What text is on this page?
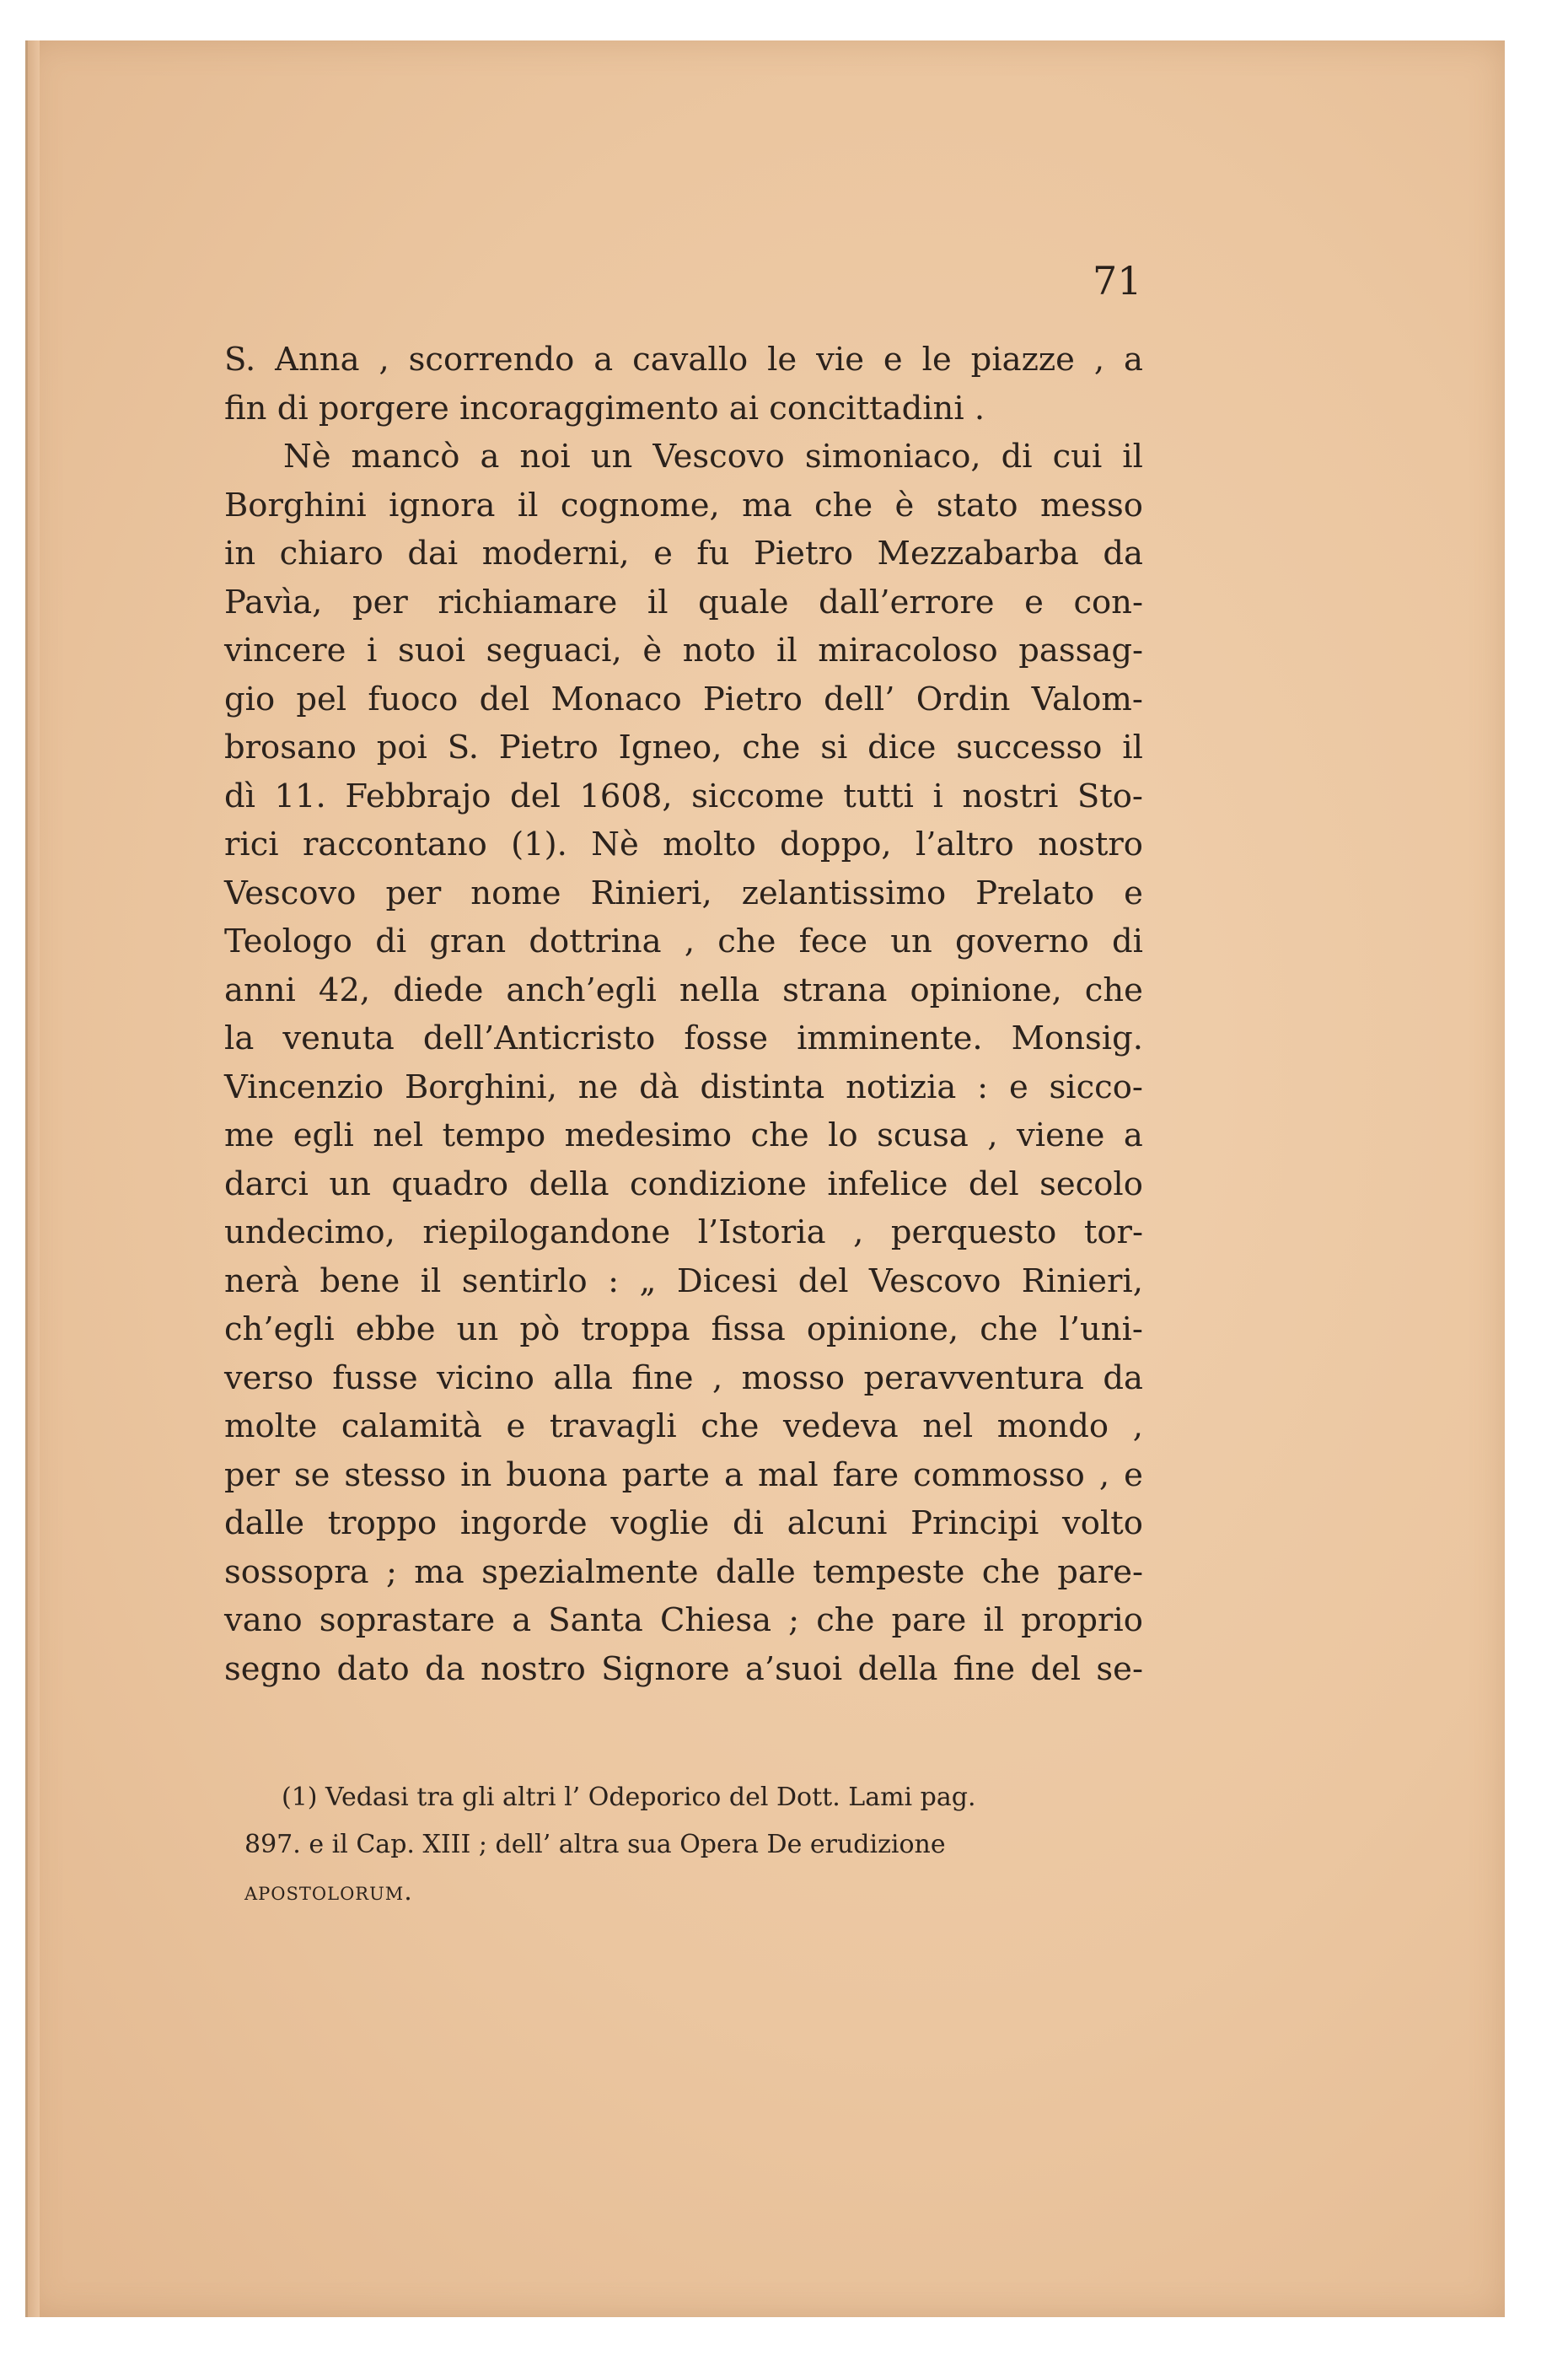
71
S. Anna , scorrendo a cavallo le vie e le piazze , a
fin di porgere incoraggimento ai concittadini .
Nè mancò a noi un Vescovo simoniaco, di cui il
Borghini ignora il cognome, ma che è stato messo
in chiaro dai moderni, e fu Pietro Mezzabarba da
Pavìa, per richiamare il quale dall’errore e con-
vincere i suoi seguaci, è noto il miracoloso passag-
gio pel fuoco del Monaco Pietro dell’ Ordin Valom-
brosano poi S. Pietro Igneo, che si dice successo il
dì 11. Febbrajo del 1608, siccome tutti i nostri Sto-
rici raccontano (1). Nè molto doppo, l’altro nostro
Vescovo per nome Rinieri, zelantissimo Prelato e
Teologo di gran dottrina , che fece un governo di
anni 42, diede anch’egli nella strana opinione, che
la venuta dell’Anticristo fosse imminente. Monsig.
Vincenzio Borghini, ne dà distinta notizia : e sicco-
me egli nel tempo medesimo che lo scusa , viene a
darci un quadro della condizione infelice del secolo
undecimo, riepilogandone l’Istoria , perquesto tor-
nerà bene il sentirlo : „ Dicesi del Vescovo Rinieri,
ch’egli ebbe un pò troppa fissa opinione, che l’uni-
verso fusse vicino alla fine , mosso peravventura da
molte calamità e travagli che vedeva nel mondo ,
per se stesso in buona parte a mal fare commosso , e
dalle troppo ingorde voglie di alcuni Principi volto
sossopra ; ma spezialmente dalle tempeste che pare-
vano soprastare a Santa Chiesa ; che pare il proprio
segno dato da nostro Signore a’suoi della fine del se-
(1) Vedasi tra gli altri l’ Odeporico del Dott. Lami pag.
897. e il Cap. XIII ; dell’ altra sua Opera De erudizione
apostolorum.
